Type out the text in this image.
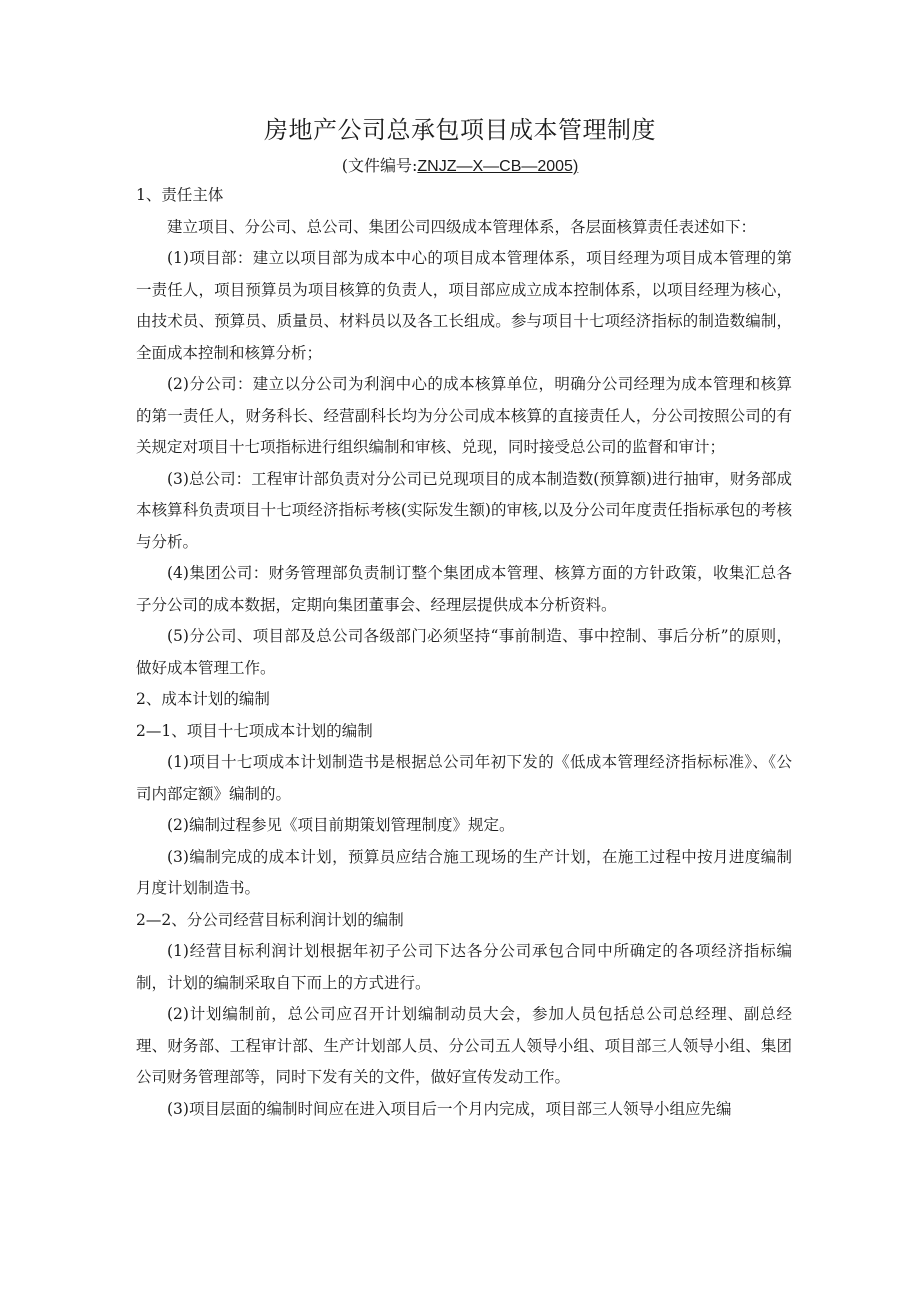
房地产公司总承包项目成本管理制度
(文件编号:ZNJZ—X—CB—2005)

1、责任主体

建立项目、分公司、总公司、集团公司四级成本管理体系，各层面核算责任表述如下：

(1)项目部：建立以项目部为成本中心的项目成本管理体系，项目经理为项目成本管理的第一责任人，项目预算员为项目核算的负责人，项目部应成立成本控制体系，以项目经理为核心，由技术员、预算员、质量员、材料员以及各工长组成。参与项目十七项经济指标的制造数编制，全面成本控制和核算分析；

(2)分公司：建立以分公司为利润中心的成本核算单位，明确分公司经理为成本管理和核算的第一责任人，财务科长、经营副科长均为分公司成本核算的直接责任人，分公司按照公司的有关规定对项目十七项指标进行组织编制和审核、兑现，同时接受总公司的监督和审计；

(3)总公司：工程审计部负责对分公司已兑现项目的成本制造数(预算额)进行抽审，财务部成本核算科负责项目十七项经济指标考核(实际发生额)的审核,以及分公司年度责任指标承包的考核与分析。

(4)集团公司：财务管理部负责制订整个集团成本管理、核算方面的方针政策，收集汇总各子分公司的成本数据，定期向集团董事会、经理层提供成本分析资料。

(5)分公司、项目部及总公司各级部门必须坚持“事前制造、事中控制、事后分析”的原则，做好成本管理工作。

2、成本计划的编制

2—1、项目十七项成本计划的编制

(1)项目十七项成本计划制造书是根据总公司年初下发的《低成本管理经济指标标准》、《公司内部定额》编制的。

(2)编制过程参见《项目前期策划管理制度》规定。

(3)编制完成的成本计划，预算员应结合施工现场的生产计划，在施工过程中按月进度编制月度计划制造书。

2—2、分公司经营目标利润计划的编制

(1)经营目标利润计划根据年初子公司下达各分公司承包合同中所确定的各项经济指标编制，计划的编制采取自下而上的方式进行。

(2)计划编制前，总公司应召开计划编制动员大会，参加人员包括总公司总经理、副总经理、财务部、工程审计部、生产计划部人员、分公司五人领导小组、项目部三人领导小组、集团公司财务管理部等，同时下发有关的文件，做好宣传发动工作。

(3)项目层面的编制时间应在进入项目后一个月内完成，项目部三人领导小组应先编
